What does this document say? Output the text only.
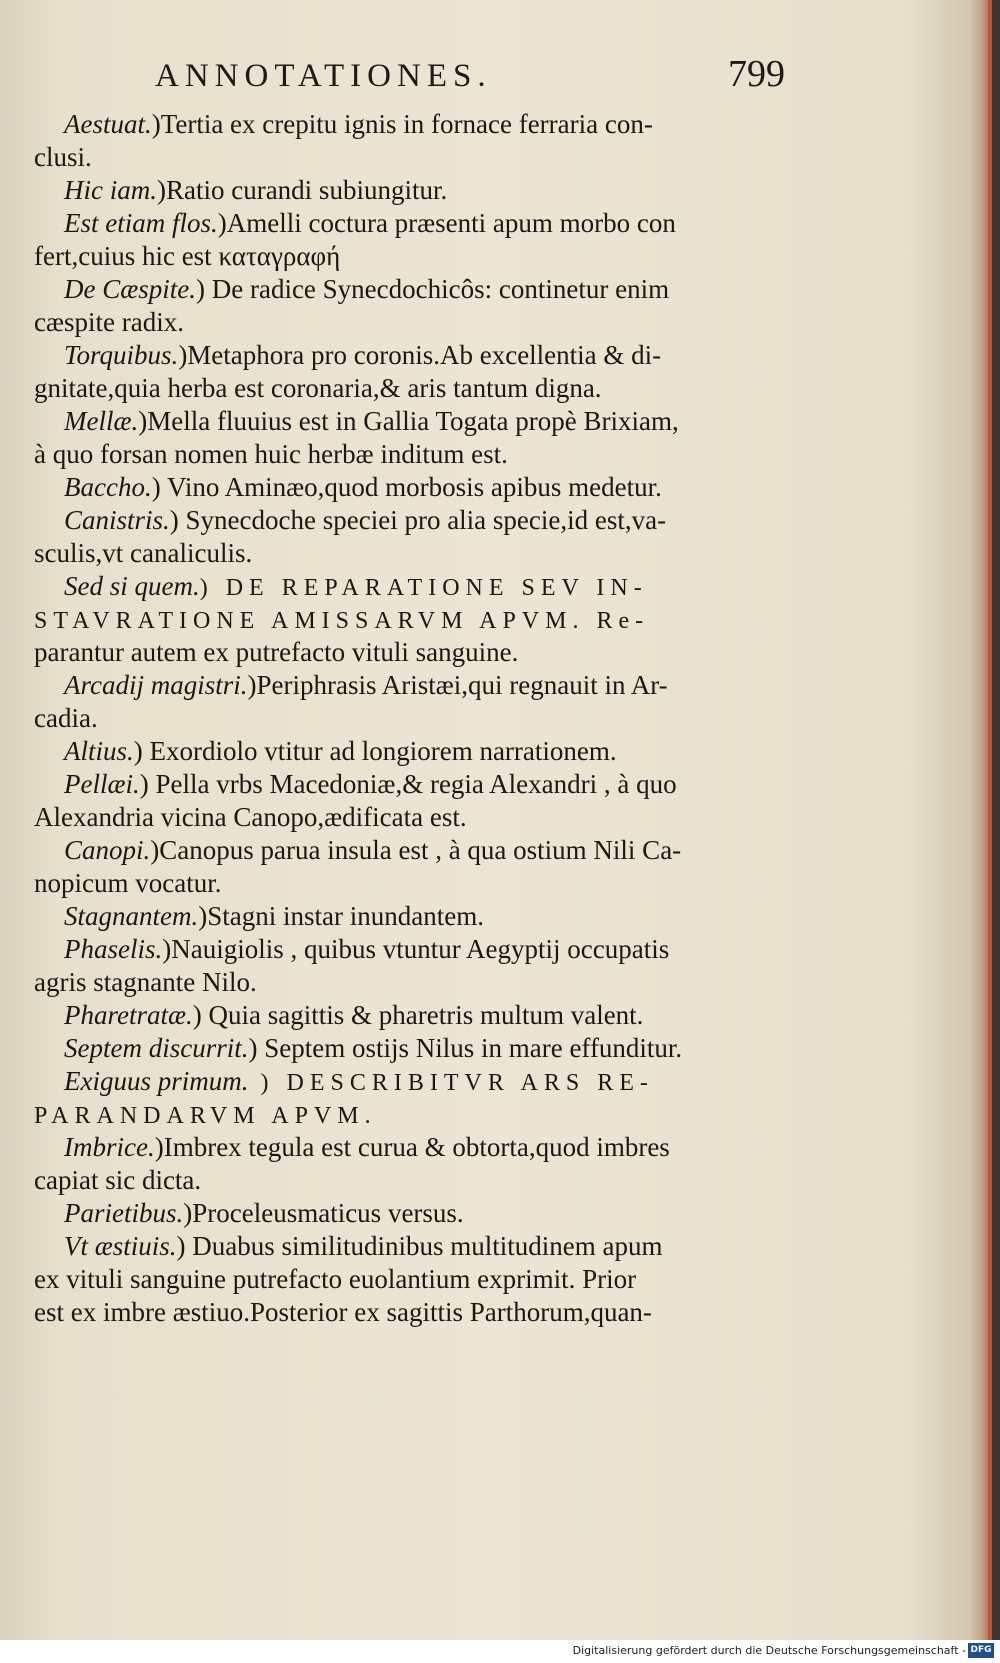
ANNOTATIONES.	799
Aestuat.)Tertia ex crepitu ignis in fornace ferraria con-
clusi.
Hic iam.)Ratio curandi subiungitur.
Est etiam flos.)Amelli coctura præsenti apum morbo con
fert,cuius hic est καταγραφή
De Cæspite.) De radice Synecdochicôs: continetur enim
cæspite radix.
Torquibus.)Metaphora pro coronis.Ab excellentia & di-
gnitate,quia herba est coronaria,& aris tantum digna.
Mellæ.)Mella fluuius est in Gallia Togata propè Brixiam,
à quo forsan nomen huic herbæ inditum est.
Baccho.) Vino Aminæo,quod morbosis apibus medetur.
Canistris.) Synecdoche speciei pro alia specie,id est,va-
sculis,vt canaliculis.
Sed si quem.) DE REPARATIONE SEV IN-
STAVRATIONE AMISSARVM APVM. Re-
parantur autem ex putrefacto vituli sanguine.
Arcadij magistri.)Periphrasis Aristæi,qui regnauit in Ar-
cadia.
Altius.) Exordiolo vtitur ad longiorem narrationem.
Pellæi.) Pella vrbs Macedoniæ,& regia Alexandri , à quo
Alexandria vicina Canopo,ædificata est.
Canopi.)Canopus parua insula est , à qua ostium Nili Ca-
nopicum vocatur.
Stagnantem.)Stagni instar inundantem.
Phaselis.)Nauigiolis , quibus vtuntur Aegyptij occupatis
agris stagnante Nilo.
Pharetratæ.) Quia sagittis & pharetris multum valent.
Septem discurrit.) Septem ostijs Nilus in mare effunditur.
Exiguus primum. ) DESCRIBITVR ARS RE-
PARANDARVM APVM.
Imbrice.)Imbrex tegula est curua & obtorta,quod imbres
capiat sic dicta.
Parietibus.)Proceleusmaticus versus.
Vt æstiuis.) Duabus similitudinibus multitudinem apum
ex vituli sanguine putrefacto euolantium exprimit. Prior
est ex imbre æstiuo.Posterior ex sagittis Parthorum,quan-
Digitalisierung gefördert durch die Deutsche Forschungsgemeinschaft - DFG
